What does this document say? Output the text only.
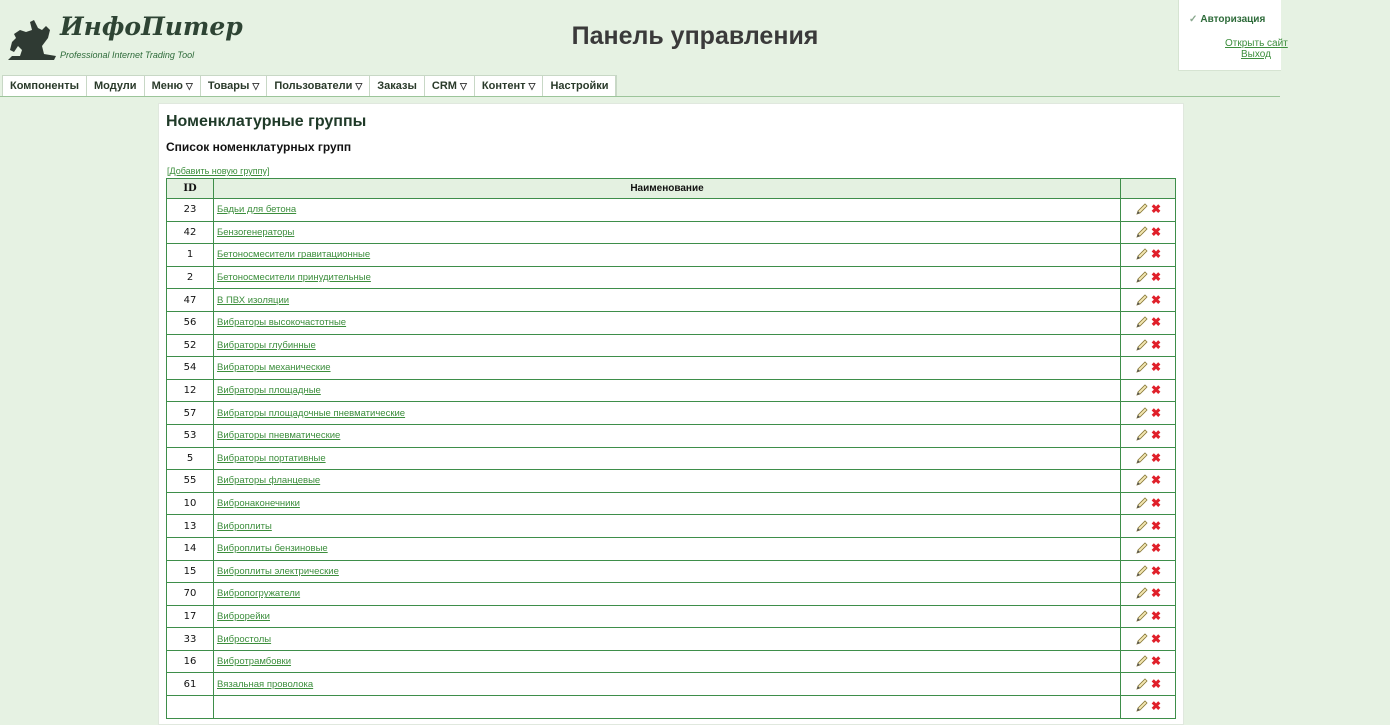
ИнфоПитер
Professional Internet Trading Tool
Панель управления
✓ Авторизация
Открыть сайт
Выход
Компоненты	Модули	Меню ▽	Товары ▽	Пользователи ▽	Заказы	CRM ▽	Контент ▽	Настройки
Номенклатурные группы
Список номенклатурных групп
[Добавить новую группу]
ID	Наименование	
23	Бадьи для бетона	✖
42	Бензогенераторы	✖
1	Бетоносмесители гравитационные	✖
2	Бетоносмесители принудительные	✖
47	В ПВХ изоляции	✖
56	Вибраторы высокочастотные	✖
52	Вибраторы глубинные	✖
54	Вибраторы механические	✖
12	Вибраторы площадные	✖
57	Вибраторы площадочные пневматические	✖
53	Вибраторы пневматические	✖
5	Вибраторы портативные	✖
55	Вибраторы фланцевые	✖
10	Вибронаконечники	✖
13	Виброплиты	✖
14	Виброплиты бензиновые	✖
15	Виброплиты электрические	✖
70	Вибропогружатели	✖
17	Виброрейки	✖
33	Вибростолы	✖
16	Вибротрамбовки	✖
61	Вязальная проволока	✖
		✖
